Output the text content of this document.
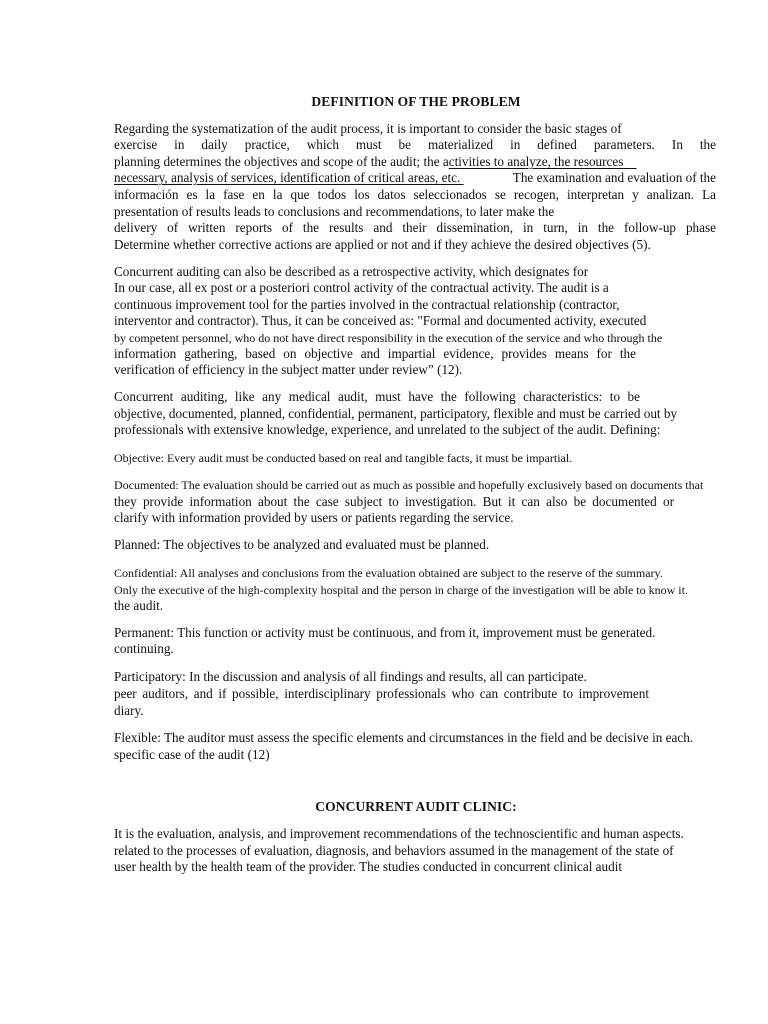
DEFINITION OF THE PROBLEM
Regarding the systematization of the audit process, it is important to consider the basic stages of
exercise in daily practice, which must be materialized in defined parameters. In the
planning determines the objectives and scope of the audit; the activities to analyze, the resources
necessary, analysis of services, identification of critical areas, etc.	The examination and evaluation of the
información es la fase en la que todos los datos seleccionados se recogen, interpretan y analizan. La
presentation of results leads to conclusions and recommendations, to later make the
delivery of written reports of the results and their dissemination, in turn, in the follow-up phase
Determine whether corrective actions are applied or not and if they achieve the desired objectives (5).
Concurrent auditing can also be described as a retrospective activity, which designates for
In our case, all ex post or a posteriori control activity of the contractual activity. The audit is a
continuous improvement tool for the parties involved in the contractual relationship (contractor,
interventor and contractor). Thus, it can be conceived as: "Formal and documented activity, executed
by competent personnel, who do not have direct responsibility in the execution of the service and who through the
information gathering, based on objective and impartial evidence, provides means for the
verification of efficiency in the subject matter under review” (12).
Concurrent auditing, like any medical audit, must have the following characteristics: to be
objective, documented, planned, confidential, permanent, participatory, flexible and must be carried out by
professionals with extensive knowledge, experience, and unrelated to the subject of the audit. Defining:
Objective: Every audit must be conducted based on real and tangible facts, it must be impartial.
Documented: The evaluation should be carried out as much as possible and hopefully exclusively based on documents that
they provide information about the case subject to investigation. But it can also be documented or
clarify with information provided by users or patients regarding the service.
Planned: The objectives to be analyzed and evaluated must be planned.
Confidential: All analyses and conclusions from the evaluation obtained are subject to the reserve of the summary.
Only the executive of the high-complexity hospital and the person in charge of the investigation will be able to know it.
the audit.
Permanent: This function or activity must be continuous, and from it, improvement must be generated.
continuing.
Participatory: In the discussion and analysis of all findings and results, all can participate.
peer auditors, and if possible, interdisciplinary professionals who can contribute to improvement
diary.
Flexible: The auditor must assess the specific elements and circumstances in the field and be decisive in each.
specific case of the audit (12)
CONCURRENT AUDIT CLINIC:
It is the evaluation, analysis, and improvement recommendations of the technoscientific and human aspects.
related to the processes of evaluation, diagnosis, and behaviors assumed in the management of the state of
user health by the health team of the provider. The studies conducted in concurrent clinical audit
